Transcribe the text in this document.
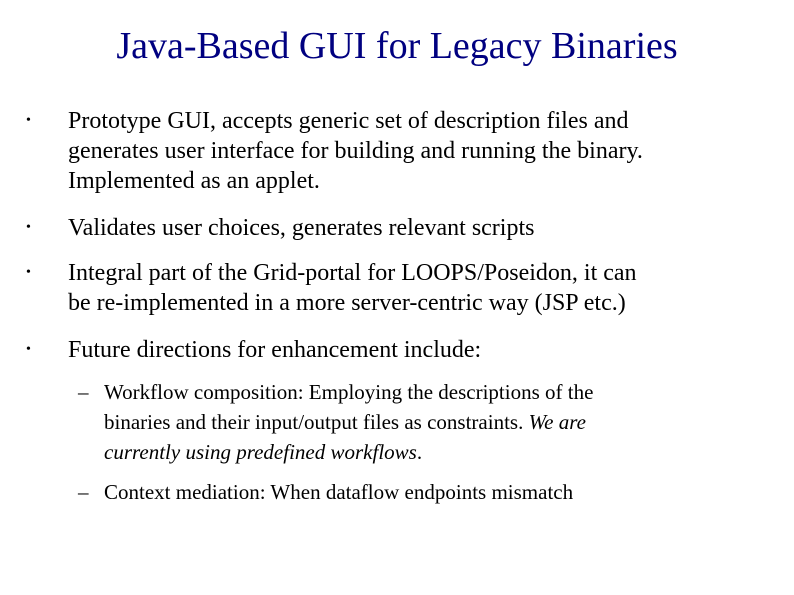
Java-Based GUI for Legacy Binaries
• Prototype GUI, accepts generic set of description files and
generates user interface for building and running the binary.
Implemented as an applet.
• Validates user choices, generates relevant scripts
• Integral part of the Grid-portal for LOOPS/Poseidon, it can
be re-implemented in a more server-centric way (JSP etc.)
• Future directions for enhancement include:
– Workflow composition: Employing the descriptions of the
binaries and their input/output files as constraints. We are
currently using predefined workflows.
– Context mediation: When dataflow endpoints mismatch
